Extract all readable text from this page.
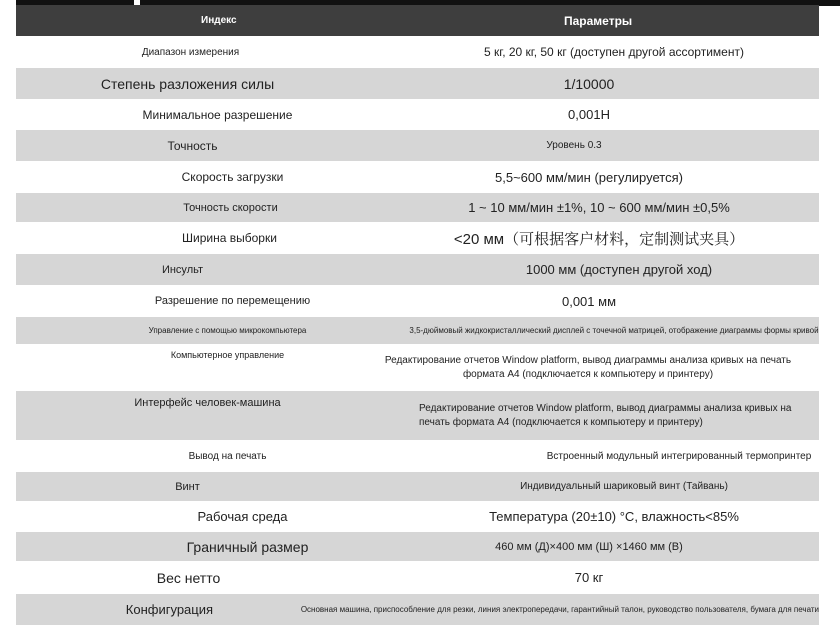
Индекс	Параметры
Диапазон измерения	5 кг, 20 кг, 50 кг (доступен другой ассортимент)
Степень разложения силы	1/10000
Минимальное разрешение	0,001Н
Точность	Уровень 0.3
Скорость загрузки	5,5~600 мм/мин (регулируется)
Точность скорости	1 ~ 10 мм/мин ±1%, 10 ~ 600 мм/мин ±0,5%
Ширина выборки	<20 мм（可根据客户材料，定制测试夹具）
Инсульт	1000 мм (доступен другой ход)
Разрешение по перемещению	0,001 мм
Управление с помощью микрокомпьютера	3,5-дюймовый жидкокристаллический дисплей с точечной матрицей, отображение диаграммы формы кривой
Компьютерное управление	Редактирование отчетов Window platform, вывод диаграммы анализа кривых на печать формата А4 (подключается к компьютеру и принтеру)
Интерфейс человек-машина	Редактирование отчетов Window platform, вывод диаграммы анализа кривых на печать формата А4 (подключается к компьютеру и принтеру)
Вывод на печать	Встроенный модульный интегрированный термопринтер
Винт	Индивидуальный шариковый винт (Тайвань)
Рабочая среда	Температура (20±10) °С, влажность<85%
Граничный размер	460 мм (Д)×400 мм (Ш) ×1460 мм (В)
Вес нетто	70 кг
Конфигурация	Основная машина, приспособление для резки, линия электропередачи, гарантийный талон, руководство пользователя, бумага для печати
